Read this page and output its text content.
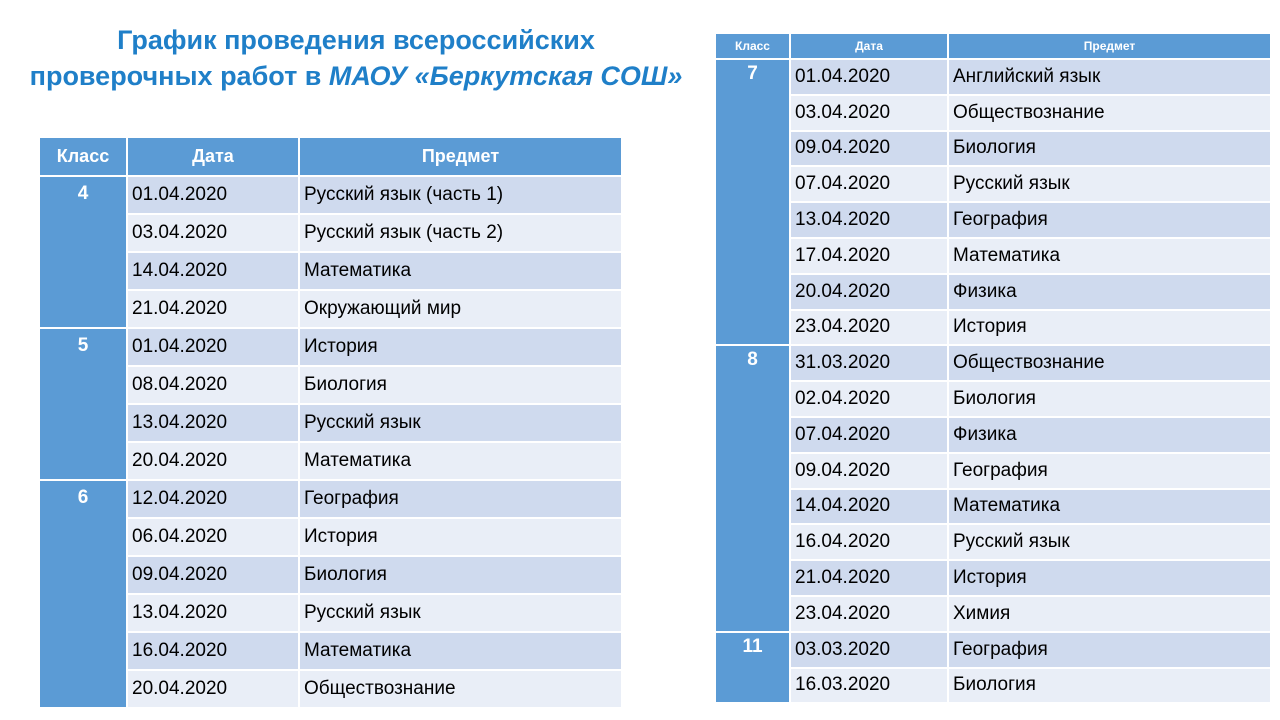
График проведения всероссийских
проверочных работ в МАОУ «Беркутская СОШ»
Класс	Дата	Предмет
4	01.04.2020	Русский язык (часть 1)
	03.04.2020	Русский язык (часть 2)
	14.04.2020	Математика
	21.04.2020	Окружающий мир
5	01.04.2020	История
	08.04.2020	Биология
	13.04.2020	Русский язык
	20.04.2020	Математика
6	12.04.2020	География
	06.04.2020	История
	09.04.2020	Биология
	13.04.2020	Русский язык
	16.04.2020	Математика
	20.04.2020	Обществознание
Класс	Дата	Предмет
7	01.04.2020	Английский язык
	03.04.2020	Обществознание
	09.04.2020	Биология
	07.04.2020	Русский язык
	13.04.2020	География
	17.04.2020	Математика
	20.04.2020	Физика
	23.04.2020	История
8	31.03.2020	Обществознание
	02.04.2020	Биология
	07.04.2020	Физика
	09.04.2020	География
	14.04.2020	Математика
	16.04.2020	Русский язык
	21.04.2020	История
	23.04.2020	Химия
11	03.03.2020	География
	16.03.2020	Биология
